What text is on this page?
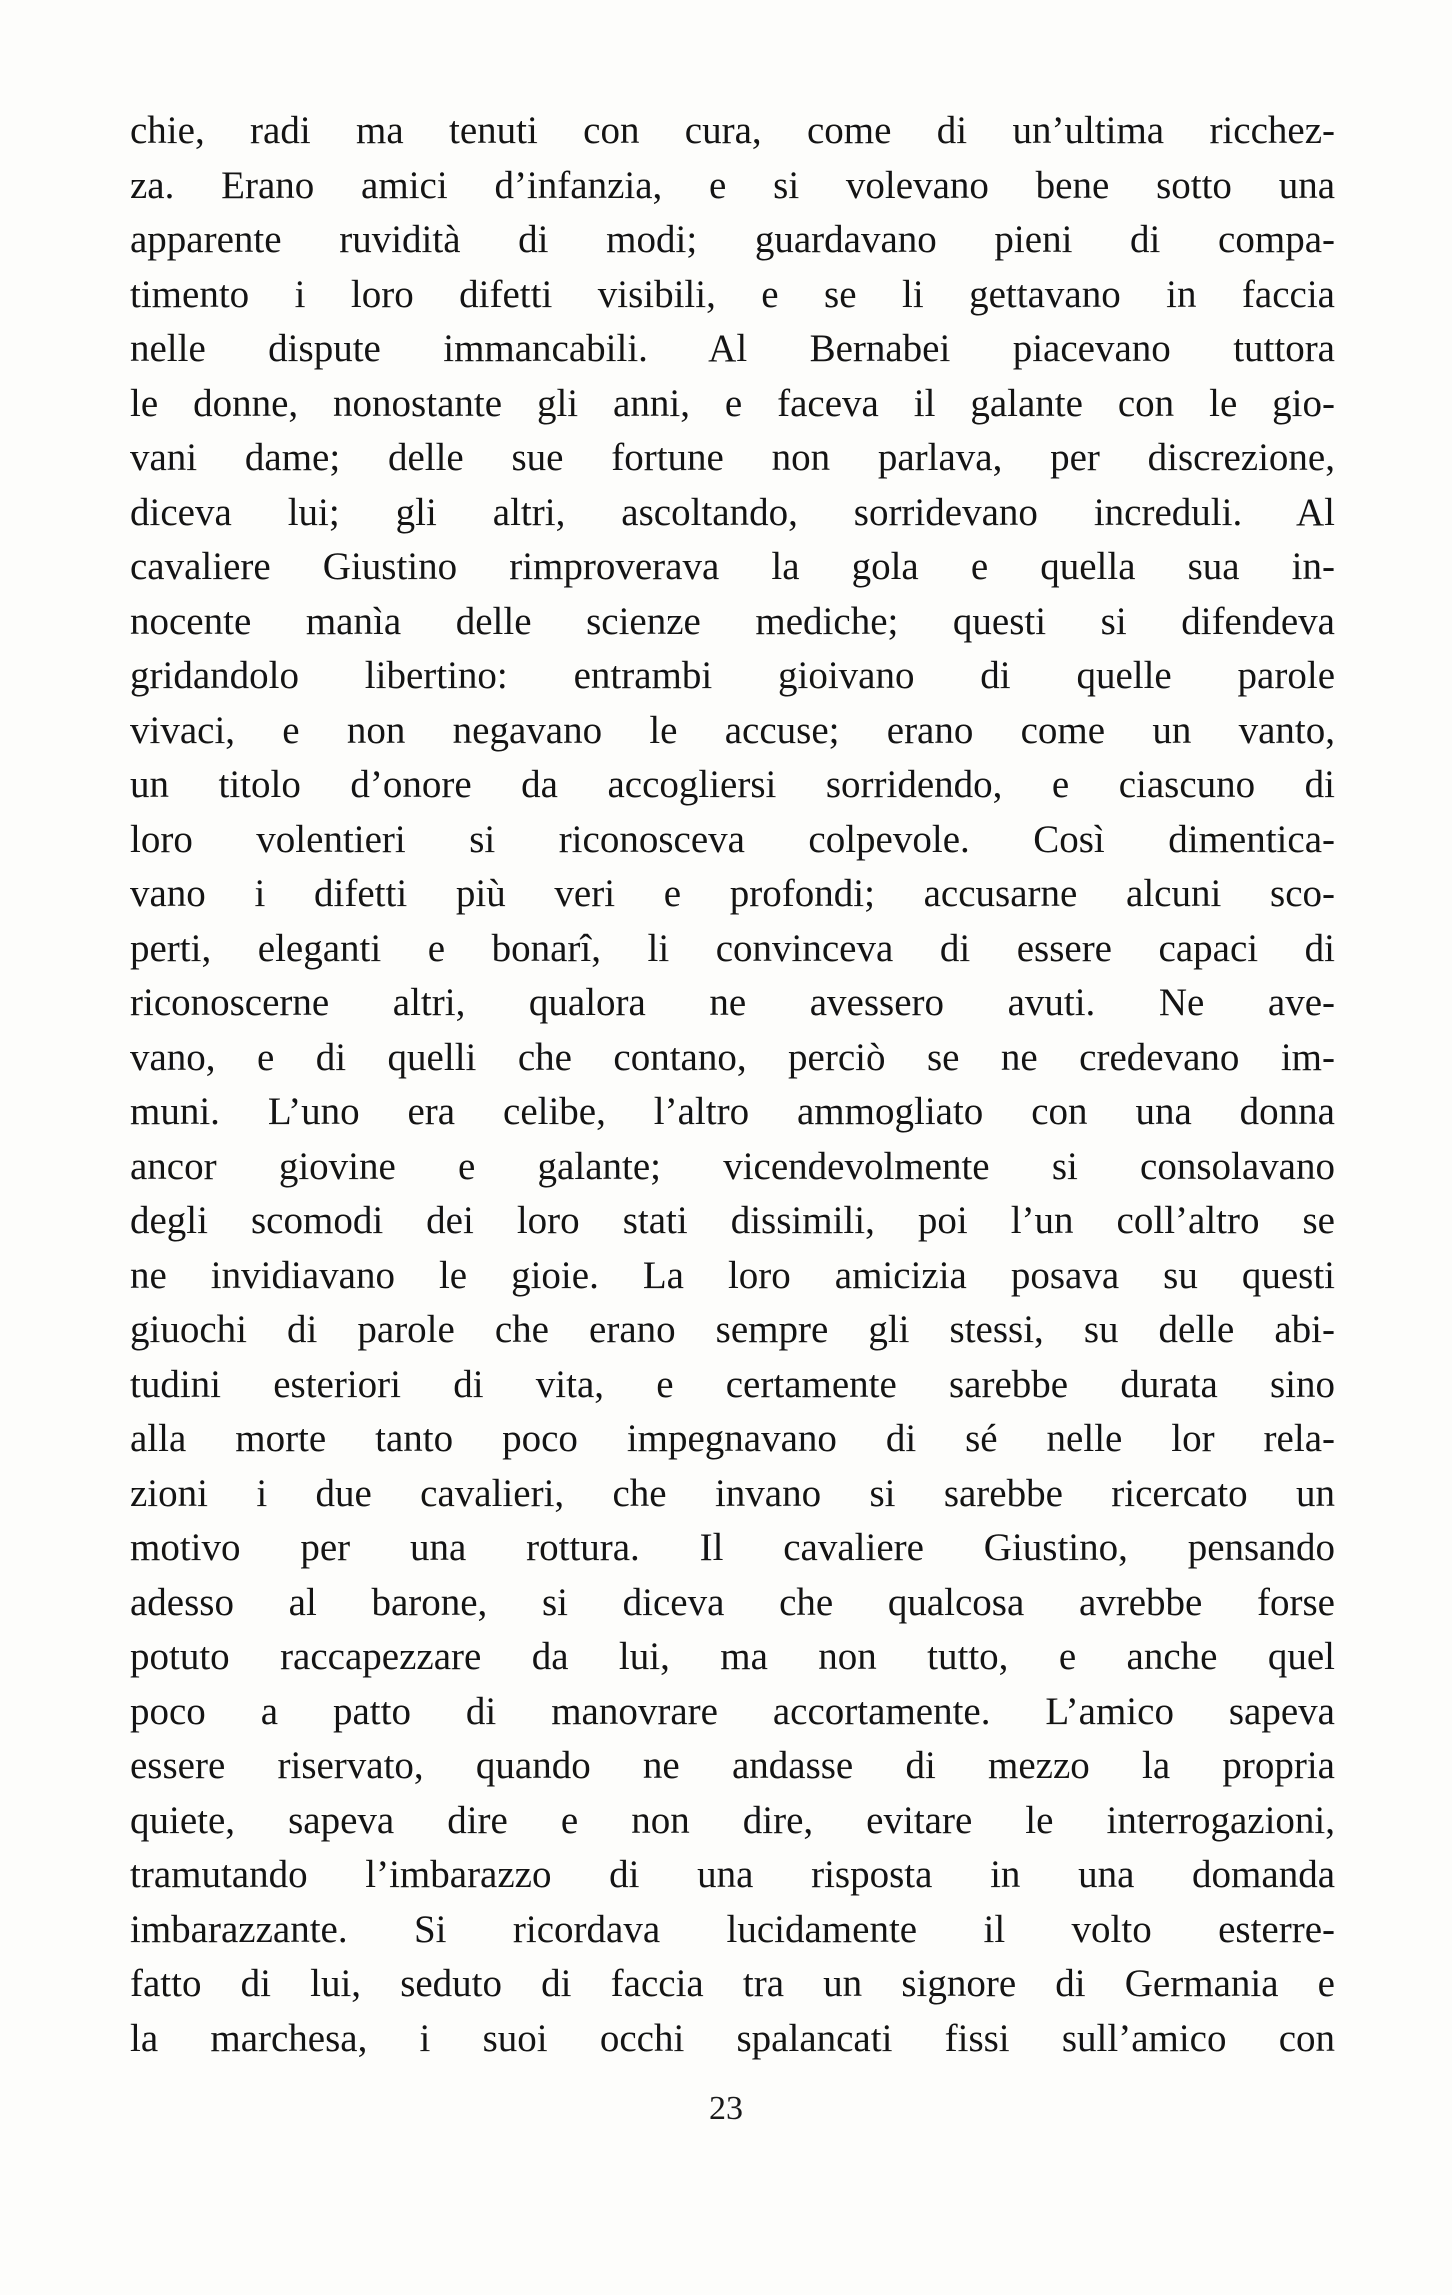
chie, radi ma tenuti con cura, come di un’ultima ricchez-
za. Erano amici d’infanzia, e si volevano bene sotto una
apparente ruvidità di modi; guardavano pieni di compa-
timento i loro difetti visibili, e se li gettavano in faccia
nelle dispute immancabili. Al Bernabei piacevano tuttora
le donne, nonostante gli anni, e faceva il galante con le gio-
vani dame; delle sue fortune non parlava, per discrezione,
diceva lui; gli altri, ascoltando, sorridevano increduli. Al
cavaliere Giustino rimproverava la gola e quella sua in-
nocente manìa delle scienze mediche; questi si difendeva
gridandolo libertino: entrambi gioivano di quelle parole
vivaci, e non negavano le accuse; erano come un vanto,
un titolo d’onore da accogliersi sorridendo, e ciascuno di
loro volentieri si riconosceva colpevole. Così dimentica-
vano i difetti più veri e profondi; accusarne alcuni sco-
perti, eleganti e bonarî, li convinceva di essere capaci di
riconoscerne altri, qualora ne avessero avuti. Ne ave-
vano, e di quelli che contano, perciò se ne credevano im-
muni. L’uno era celibe, l’altro ammogliato con una donna
ancor giovine e galante; vicendevolmente si consolavano
degli scomodi dei loro stati dissimili, poi l’un coll’altro se
ne invidiavano le gioie. La loro amicizia posava su questi
giuochi di parole che erano sempre gli stessi, su delle abi-
tudini esteriori di vita, e certamente sarebbe durata sino
alla morte tanto poco impegnavano di sé nelle lor rela-
zioni i due cavalieri, che invano si sarebbe ricercato un
motivo per una rottura. Il cavaliere Giustino, pensando
adesso al barone, si diceva che qualcosa avrebbe forse
potuto raccapezzare da lui, ma non tutto, e anche quel
poco a patto di manovrare accortamente. L’amico sapeva
essere riservato, quando ne andasse di mezzo la propria
quiete, sapeva dire e non dire, evitare le interrogazioni,
tramutando l’imbarazzo di una risposta in una domanda
imbarazzante. Si ricordava lucidamente il volto esterre-
fatto di lui, seduto di faccia tra un signore di Germania e
la marchesa, i suoi occhi spalancati fissi sull’amico con
23
